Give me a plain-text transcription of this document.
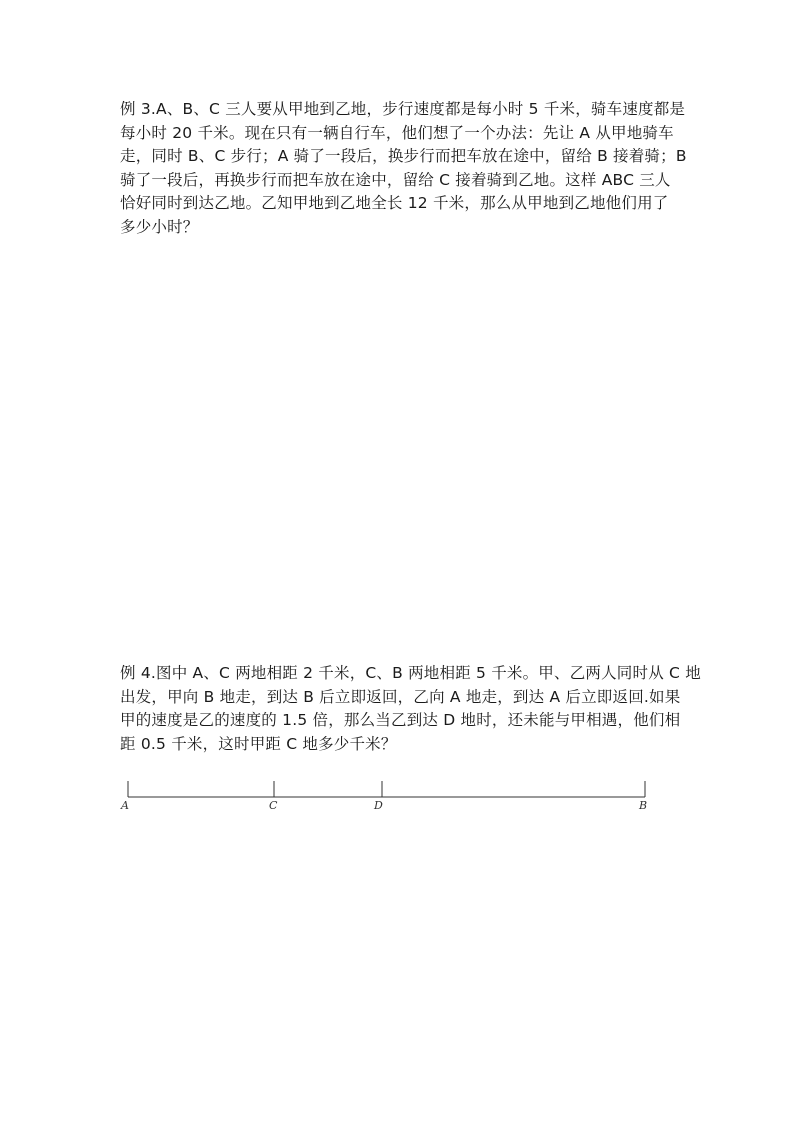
例 3.A、B、C 三人要从甲地到乙地，步行速度都是每小时 5 千米，骑车速度都是
每小时 20 千米。现在只有一辆自行车，他们想了一个办法：先让 A 从甲地骑车
走，同时 B、C 步行；A 骑了一段后，换步行而把车放在途中，留给 B 接着骑；B
骑了一段后，再换步行而把车放在途中，留给 C 接着骑到乙地。这样 ABC 三人
恰好同时到达乙地。乙知甲地到乙地全长 12 千米，那么从甲地到乙地他们用了
多少小时？
例 4.图中 A、C 两地相距 2 千米，C、B 两地相距 5 千米。甲、乙两人同时从 C 地
出发，甲向 B 地走，到达 B 后立即返回，乙向 A 地走，到达 A 后立即返回.如果
甲的速度是乙的速度的 1.5 倍，那么当乙到达 D 地时，还未能与甲相遇，他们相
距 0.5 千米，这时甲距 C 地多少千米？
A	C	D	B
